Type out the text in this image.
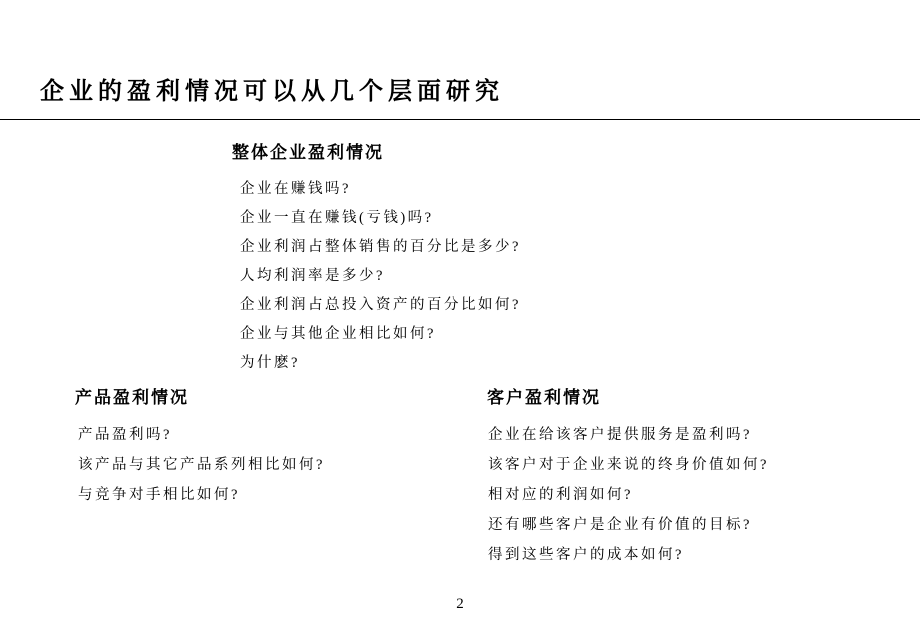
企业的盈利情况可以从几个层面研究
整体企业盈利情况
企业在赚钱吗?
企业一直在赚钱(亏钱)吗?
企业利润占整体销售的百分比是多少?
人均利润率是多少?
企业利润占总投入资产的百分比如何?
企业与其他企业相比如何?
为什麽?
产品盈利情况
产品盈利吗?
该产品与其它产品系列相比如何?
与竞争对手相比如何?
客户盈利情况
企业在给该客户提供服务是盈利吗?
该客户对于企业来说的终身价值如何?
相对应的利润如何?
还有哪些客户是企业有价值的目标?
得到这些客户的成本如何?
2
